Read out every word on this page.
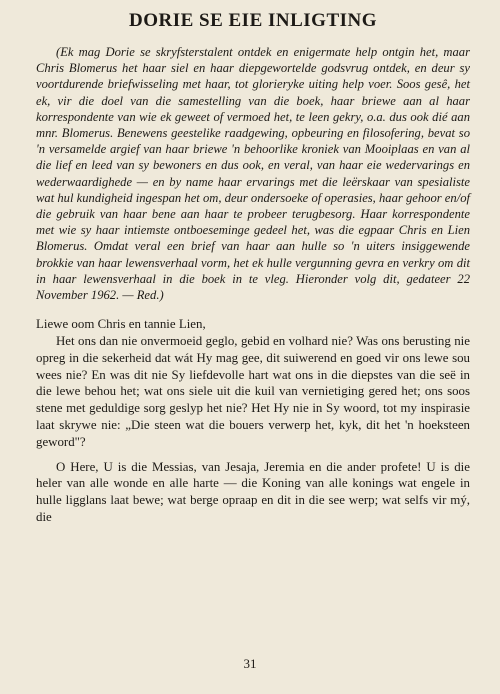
DORIE SE EIE INLIGTING

(Ek mag Dorie se skryfsterstalent ontdek en enigermate help ontgin het, maar Chris Blomerus het haar siel en haar diepgewortelde godsvrug ontdek, en deur sy voortdurende briefwisseling met haar, tot glorieryke uiting help voer. Soos gesê, het ek, vir die doel van die samestelling van die boek, haar briewe aan al haar korrespondente van wie ek geweet of vermoed het, te leen gekry, o.a. dus ook dié aan mnr. Blomerus. Benewens geestelike raadgewing, opbeuring en filosofering, bevat so 'n versamelde argief van haar briewe 'n behoorlike kroniek van Mooiplaas en van al die lief en leed van sy bewoners en dus ook, en veral, van haar eie wedervarings en wederwaardighede — en by name haar ervarings met die leërskaar van spesialiste wat hul kundigheid ingespan het om, deur ondersoeke of operasies, haar gehoor en/of die gebruik van haar bene aan haar te probeer terugbesorg. Haar korrespondente met wie sy haar intiemste ontboeseminge gedeel het, was die egpaar Chris en Lien Blomerus. Omdat veral een brief van haar aan hulle so 'n uiters insiggewende brokkie van haar lewensverhaal vorm, het ek hulle vergunning gevra en verkry om dit in haar lewensverhaal in die boek in te vleg. Hieronder volg dit, gedateer 22 November 1962. — Red.)

Liewe oom Chris en tannie Lien,

Het ons dan nie onvermoeid geglo, gebid en volhard nie? Was ons berusting nie opreg in die sekerheid dat wát Hy mag gee, dit suiwerend en goed vir ons lewe sou wees nie? En was dit nie Sy liefdevolle hart wat ons in die diepstes van die seë in die lewe behou het; wat ons siele uit die kuil van vernietiging gered het; ons soos stene met geduldige sorg geslyp het nie? Het Hy nie in Sy woord, tot my inspirasie laat skrywe nie: „Die steen wat die bouers verwerp het, kyk, dit het 'n hoeksteen geword"?

O Here, U is die Messias, van Jesaja, Jeremia en die ander profete! U is die heler van alle wonde en alle harte — die Koning van alle konings wat engele in hulle ligglans laat bewe; wat berge opraap en dit in die see werp; wat selfs vir mý, die

31
